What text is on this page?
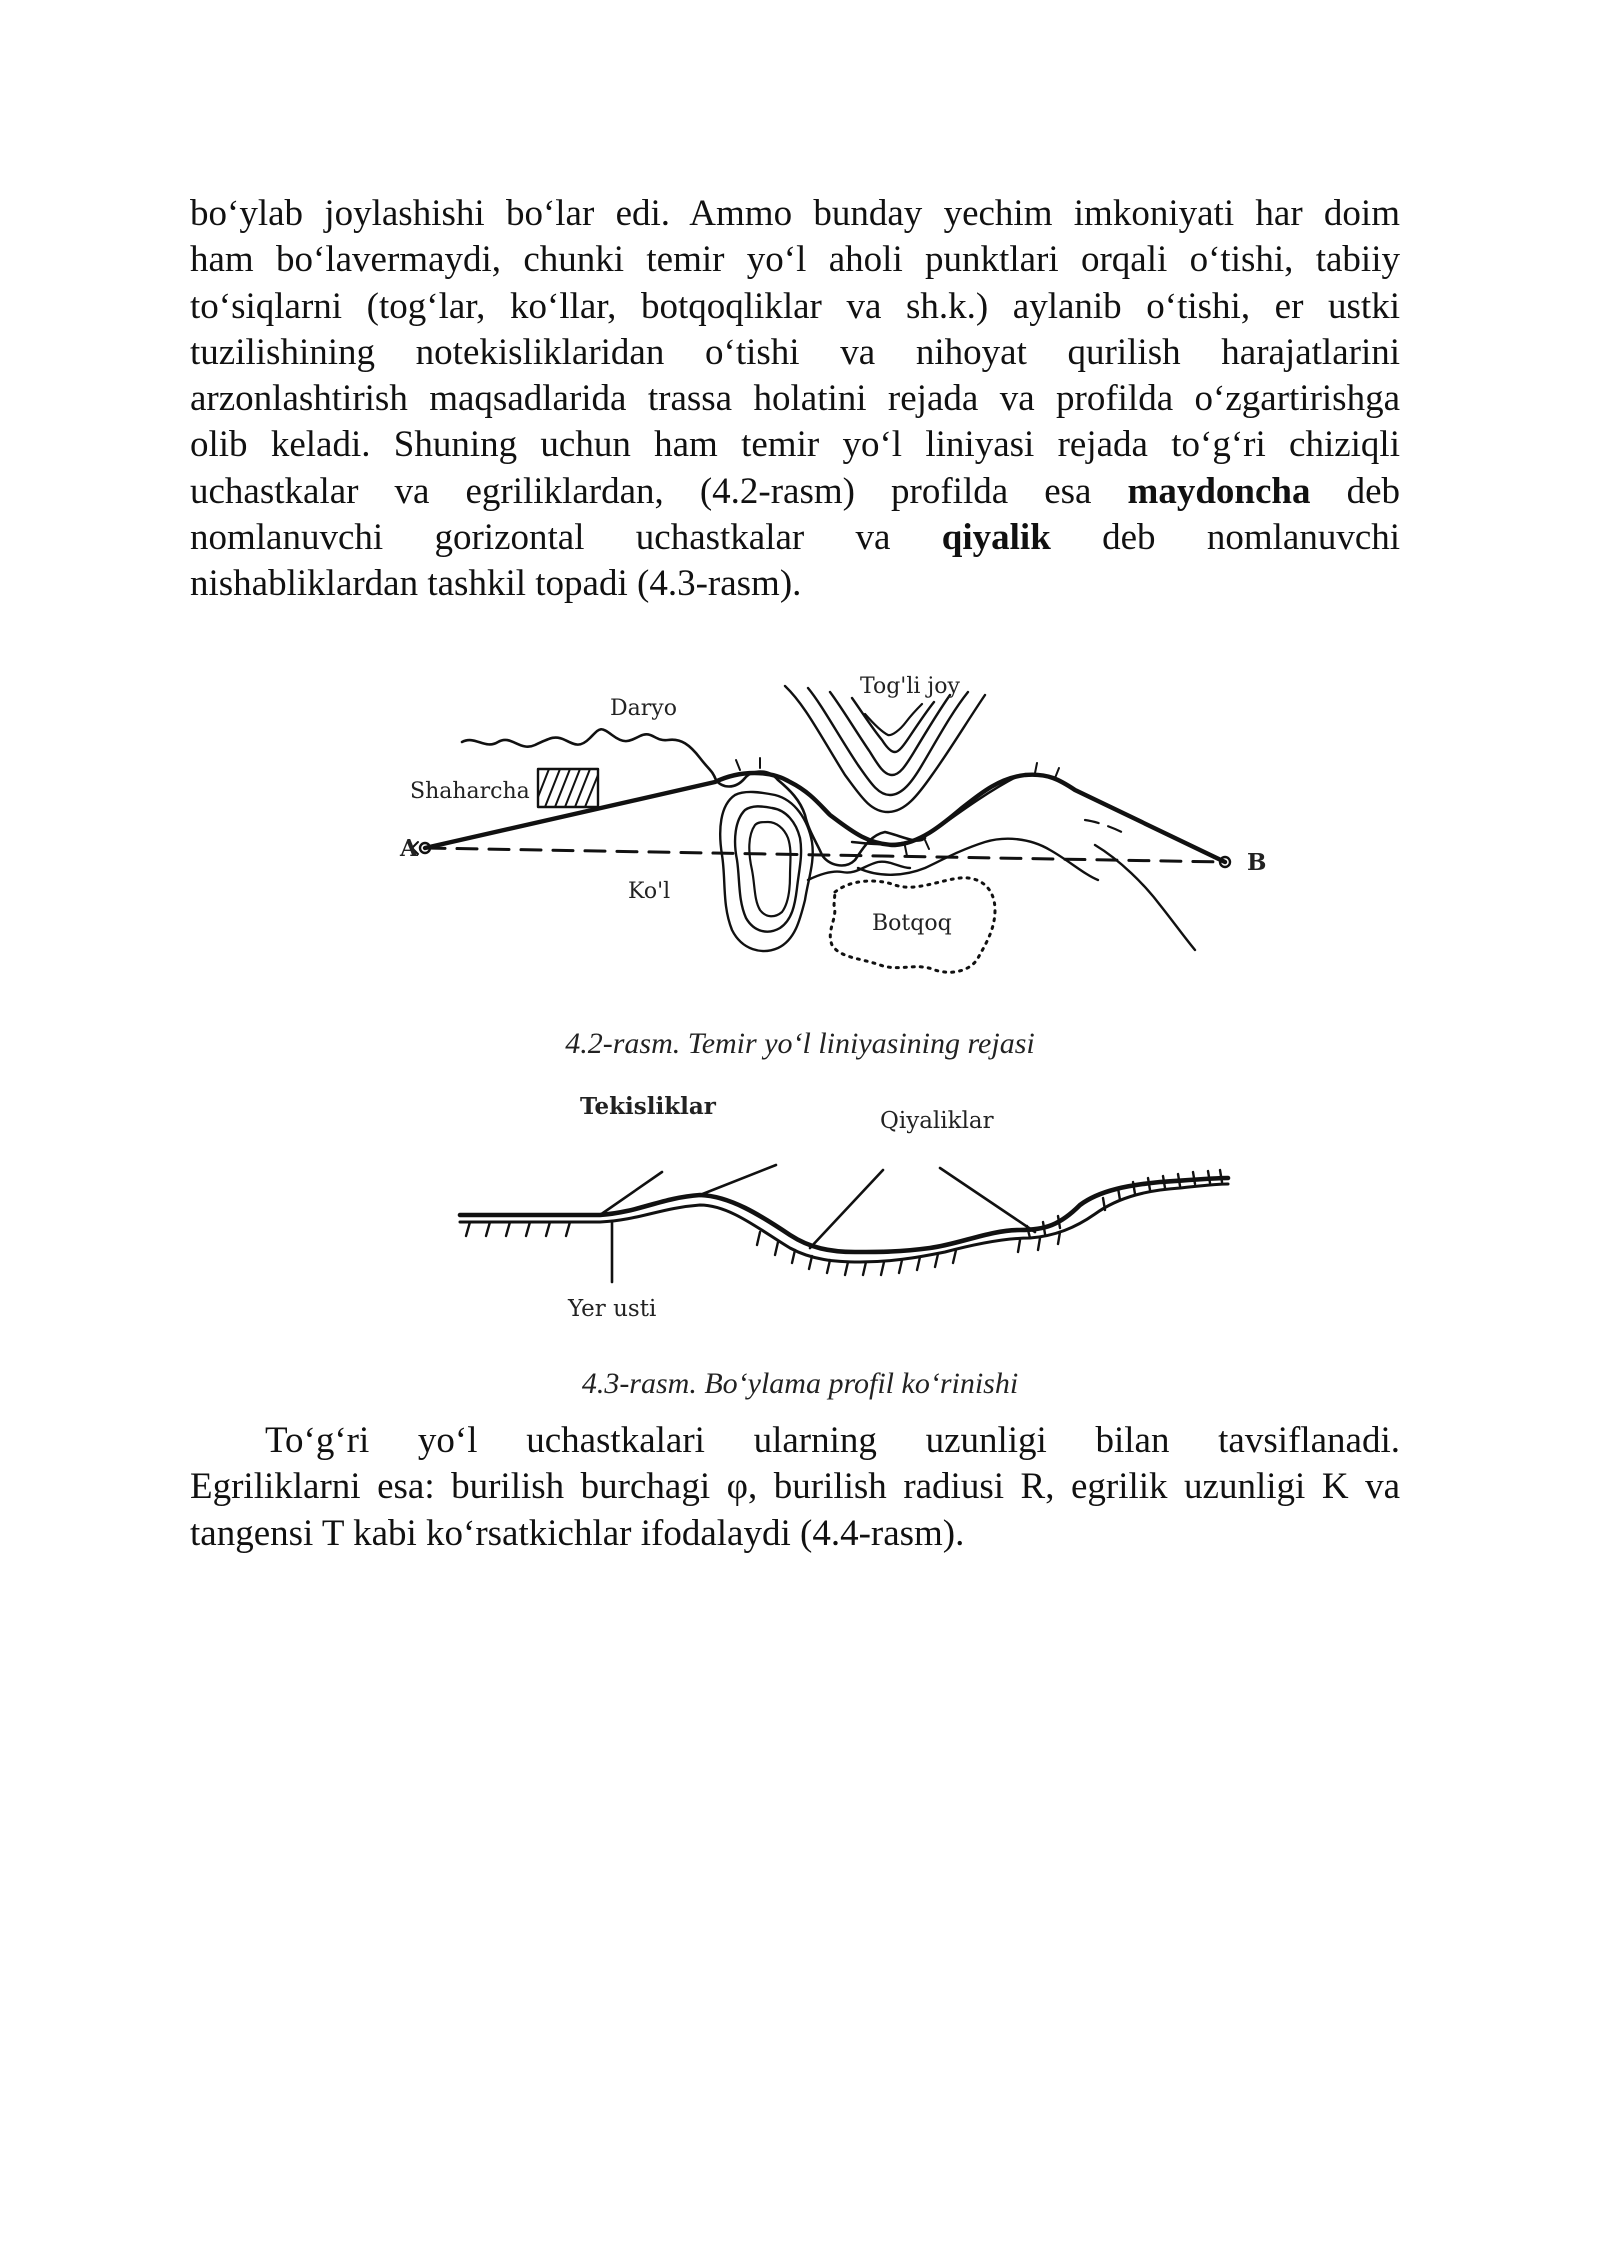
bo‘ylab joylashishi bo‘lar edi. Ammo bunday yechim imkoniyati har doim
ham bo‘lavermaydi, chunki temir yo‘l aholi punktlari orqali o‘tishi, tabiiy
to‘siqlarni (tog‘lar, ko‘llar, botqoqliklar va sh.k.) aylanib o‘tishi, er ustki
tuzilishining notekisliklaridan o‘tishi va nihoyat qurilish harajatlarini
arzonlashtirish maqsadlarida trassa holatini rejada va profilda o‘zgartirishga
olib keladi. Shuning uchun ham temir yo‘l liniyasi rejada to‘g‘ri chiziqli
uchastkalar va egriliklardan, (4.2-rasm) profilda esa maydoncha deb
nomlanuvchi gorizontal uchastkalar va qiyalik deb nomlanuvchi
nishabliklardan tashkil topadi (4.3-rasm).
Daryo
Tog'li joy
Shaharcha
Ko'l
Botqoq
A
B
4.2-rasm. Temir yo‘l liniyasining rejasi
Tekisliklar
Qiyaliklar
Yer usti
4.3-rasm. Bo‘ylama profil ko‘rinishi
To‘g‘ri yo‘l uchastkalari ularning uzunligi bilan tavsiflanadi.
Egriliklarni esa: burilish burchagi φ, burilish radiusi R, egrilik uzunligi K va
tangensi T kabi ko‘rsatkichlar ifodalaydi (4.4-rasm).
